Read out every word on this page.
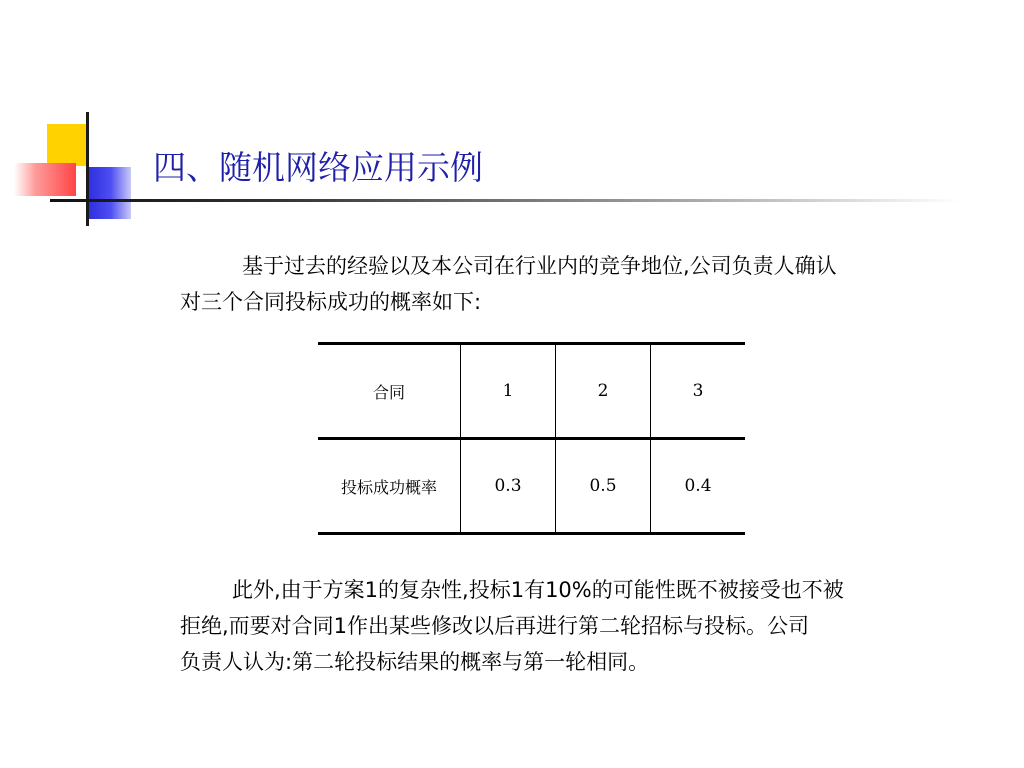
四、随机网络应用示例

基于过去的经验以及本公司在行业内的竞争地位,公司负责人确认
对三个合同投标成功的概率如下:

合同	1	2	3
投标成功概率	0.3	0.5	0.4

此外,由于方案1的复杂性,投标1有10%的可能性既不被接受也不被
拒绝,而要对合同1作出某些修改以后再进行第二轮招标与投标。公司
负责人认为:第二轮投标结果的概率与第一轮相同。
